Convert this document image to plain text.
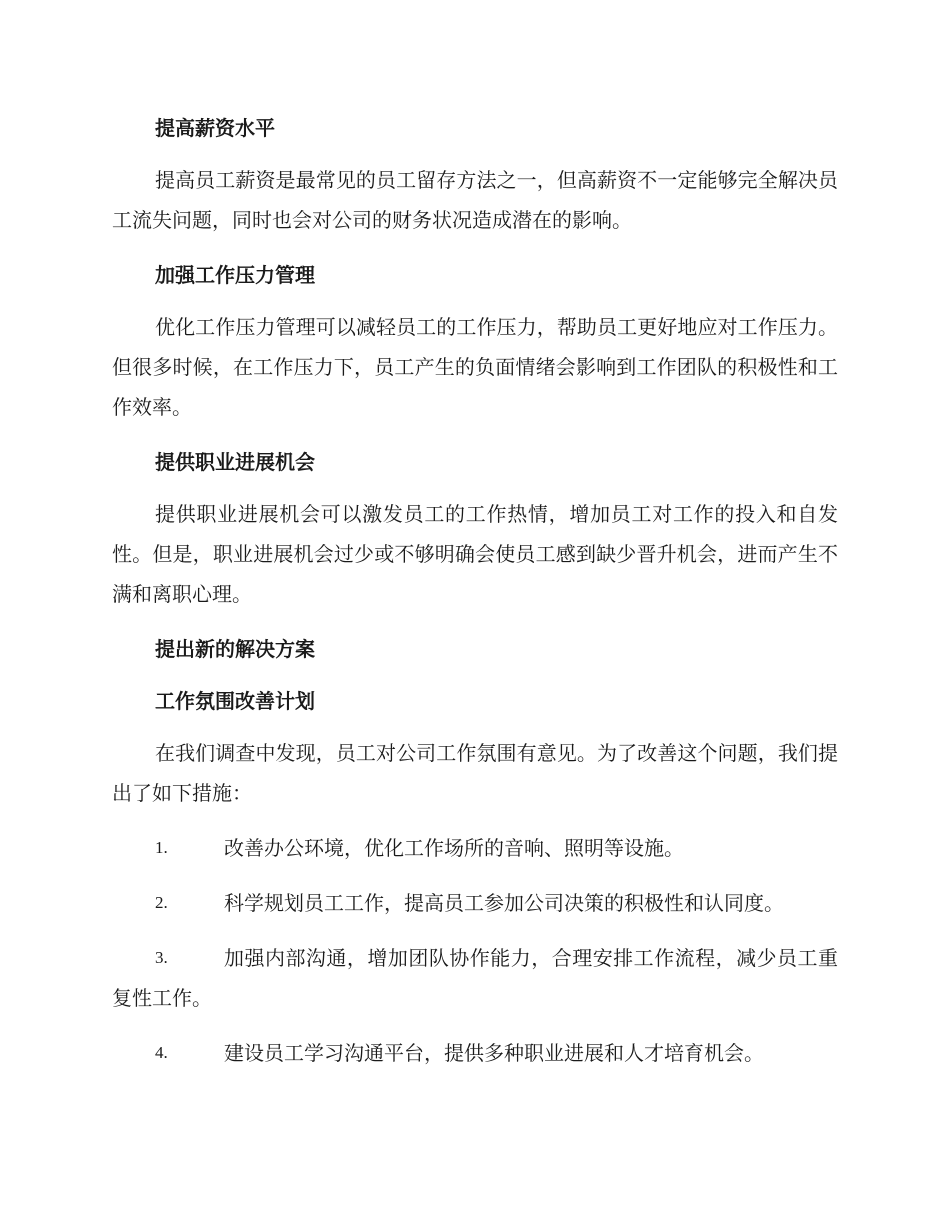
提高薪资水平

提高员工薪资是最常见的员工留存方法之一，但高薪资不一定能够完全解决员工流失问题，同时也会对公司的财务状况造成潜在的影响。

加强工作压力管理

优化工作压力管理可以减轻员工的工作压力，帮助员工更好地应对工作压力。但很多时候，在工作压力下，员工产生的负面情绪会影响到工作团队的积极性和工作效率。

提供职业进展机会

提供职业进展机会可以激发员工的工作热情，增加员工对工作的投入和自发性。但是，职业进展机会过少或不够明确会使员工感到缺少晋升机会，进而产生不满和离职心理。

提出新的解决方案
工作氛围改善计划

在我们调查中发现，员工对公司工作氛围有意见。为了改善这个问题，我们提出了如下措施：

1.	改善办公环境，优化工作场所的音响、照明等设施。
2.	科学规划员工工作，提高员工参加公司决策的积极性和认同度。
3.	加强内部沟通，增加团队协作能力，合理安排工作流程，减少员工重复性工作。
4.	建设员工学习沟通平台，提供多种职业进展和人才培育机会。
